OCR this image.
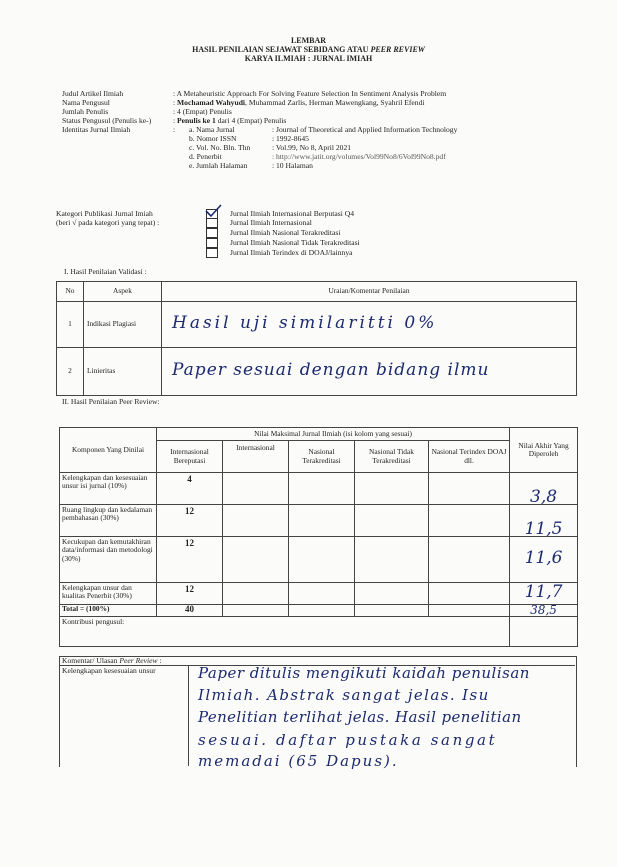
LEMBAR
HASIL PENILAIAN SEJAWAT SEBIDANG ATAU PEER REVIEW
KARYA ILMIAH : JURNAL IMIAH
Judul Artikel Ilmiah	: A Metaheuristic Approach For Solving Feature Selection In Sentiment Analysis Problem
Nama Pengusul	: Mochamad Wahyudi, Muhammad Zarlis, Herman Mawengkang, Syahril Efendi
Jumlah Penulis	: 4 (Empat) Penulis
Status Pengusul (Penulis ke-)	: Penulis ke 1 dari 4 (Empat) Penulis
Identitas Jurnal Ilmiah	: a. Nama Jurnal	: Journal of Theoretical and Applied Information Technology
b. Nomor ISSN	: 1992-8645
c. Vol. No. Bln. Thn	: Vol.99, No 8, April 2021
d. Penerbit	: http://www.jatit.org/volumes/Vol99No8/6Vol99No8.pdf
e. Jumlah Halaman	: 10 Halaman
Kategori Publikasi Jurnal Imiah
(beri √ pada kategori yang tepat) :
Jurnal Ilmiah Internasional Berputasi Q4
Jurnal Ilmiah Internasional
Jurnal Ilmiah Nasional Terakreditasi
Jurnal Ilmiah Nasional Tidak Terakreditasi
Jurnal Ilmiah Terindex di DOAJ/lainnya
I. Hasil Penilaian Validasi :
No	Aspek	Uraian/Komentar Penilaian
1	Indikasi Plagiasi	Hasil uji similaritti 0%
2	Linieritas	Paper sesuai dengan bidang ilmu
II. Hasil Penilaian Peer Review:
Komponen Yang Dinilai	Nilai Maksimal Jurnal Ilmiah (isi kolom yang sesuai)					Nilai Akhir Yang Diperoleh
	Internasional Bereputasi	Internasional	Nasional Terakreditasi	Nasional Tidak Terakreditasi	Nasional Terindex DOAJ dll.	
Kelengkapan dan kesesuaian unsur isi jurnal (10%)	4					3,8
Ruang lingkup dan kedalaman pembahasan (30%)	12					11,5
Kecukupan dan kemutakhiran data/informasi dan metodologi (30%)	12					11,6
Kelengkapan unsur dan kualitas Penerbit (30%)	12					11,7
Total = (100%)	40					38,5
Kontribusi pengusul:						
Komentar/ Ulasan Peer Review :
Kelengkapan kesesuaian unsur	Paper ditulis mengikuti kaidah penulisan
Ilmiah. Abstrak sangat jelas. Isu
Penelitian terlihat jelas. Hasil penelitian
sesuai. daftar pustaka sangat
memadai (65 Dapus).
